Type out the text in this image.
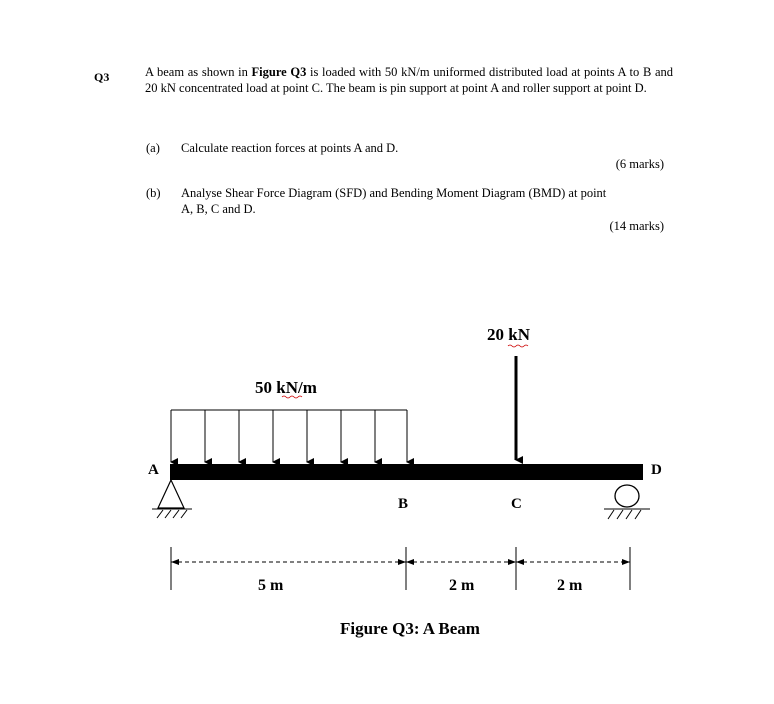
Q3	A beam as shown in Figure Q3 is loaded with 50 kN/m uniformed distributed load at points A to B and 20 kN concentrated load at point C. The beam is pin support at point A and roller support at point D.
(a) Calculate reaction forces at points A and D.
(6 marks)
(b) Analyse Shear Force Diagram (SFD) and Bending Moment Diagram (BMD) at point
A, B, C and D.
(14 marks)
50 kN/m
20 kN
A	D
B	C
5 m	2 m	2 m
Figure Q3: A Beam
